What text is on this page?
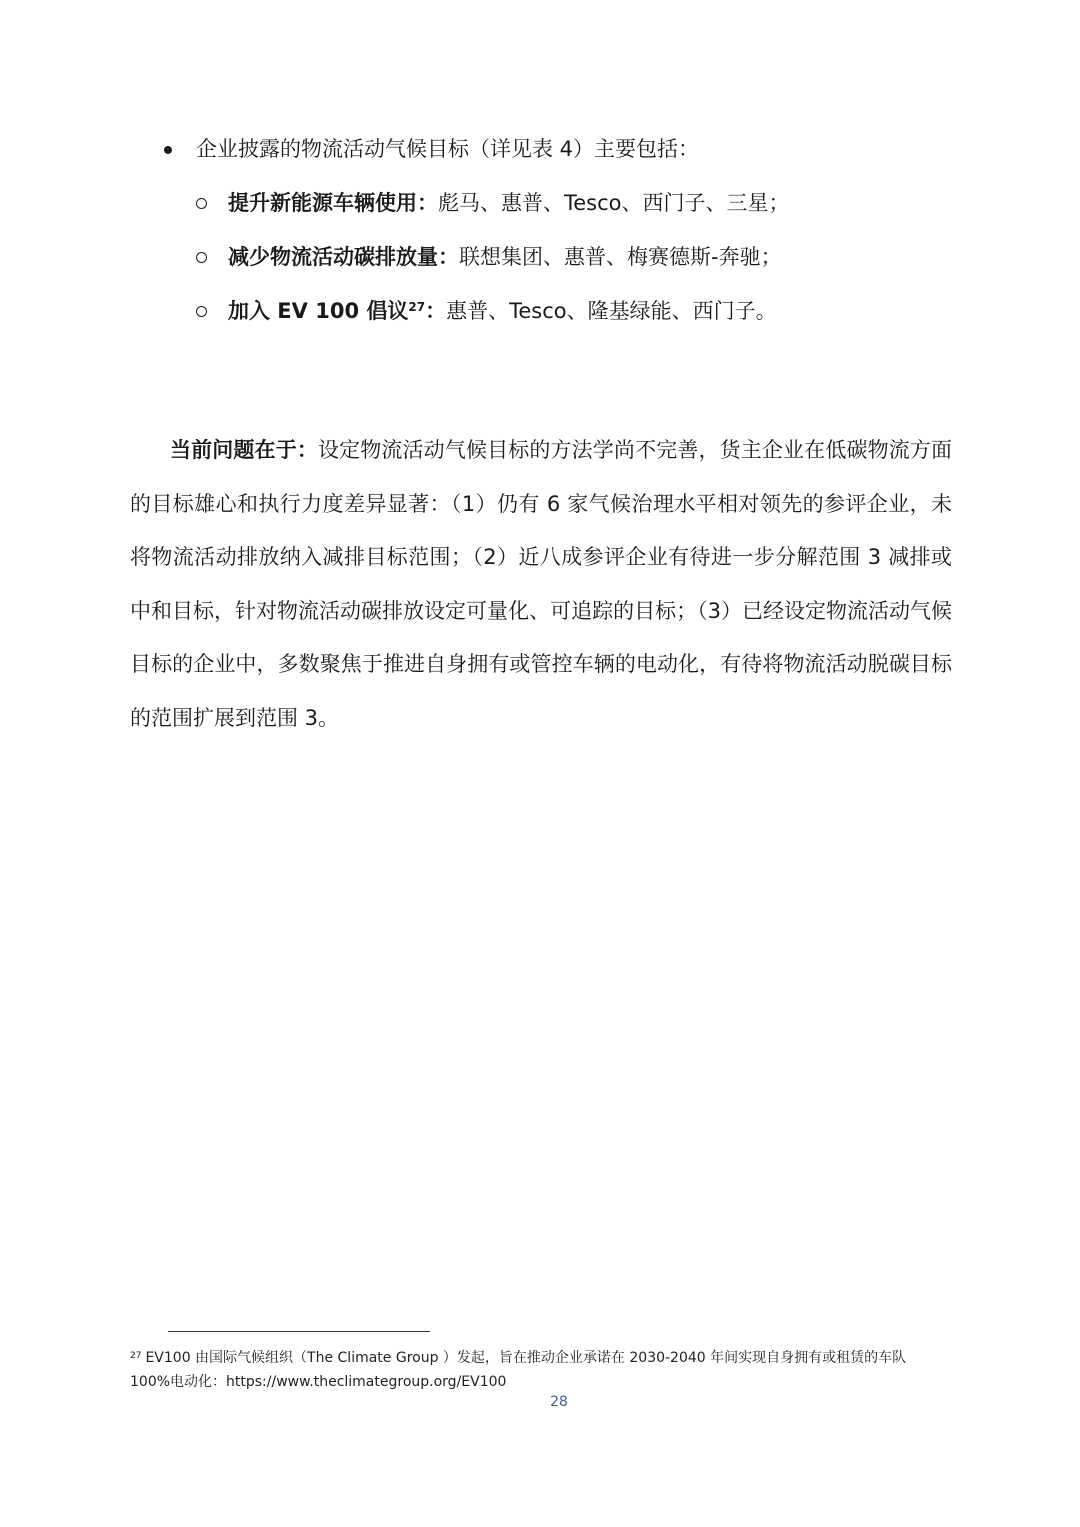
企业披露的物流活动气候目标（详见表 4）主要包括：
提升新能源车辆使用：彪马、惠普、Tesco、西门子、三星；
减少物流活动碳排放量：联想集团、惠普、梅赛德斯-奔驰；
加入 EV 100 倡议$^{27}$：惠普、Tesco、隆基绿能、西门子。

当前问题在于：设定物流活动气候目标的方法学尚不完善，货主企业在低碳物流方面的目标雄心和执行力度差异显著：（1）仍有 6 家气候治理水平相对领先的参评企业，未将物流活动排放纳入减排目标范围；（2）近八成参评企业有待进一步分解范围 3 减排或中和目标，针对物流活动碳排放设定可量化、可追踪的目标；（3）已经设定物流活动气候目标的企业中，多数聚焦于推进自身拥有或管控车辆的电动化，有待将物流活动脱碳目标的范围扩展到范围 3。

$^{27}$ EV100 由国际气候组织（The Climate Group ）发起，旨在推动企业承诺在 2030-2040 年间实现自身拥有或租赁的车队 100%电动化：https://www.theclimategroup.org/EV100

28
